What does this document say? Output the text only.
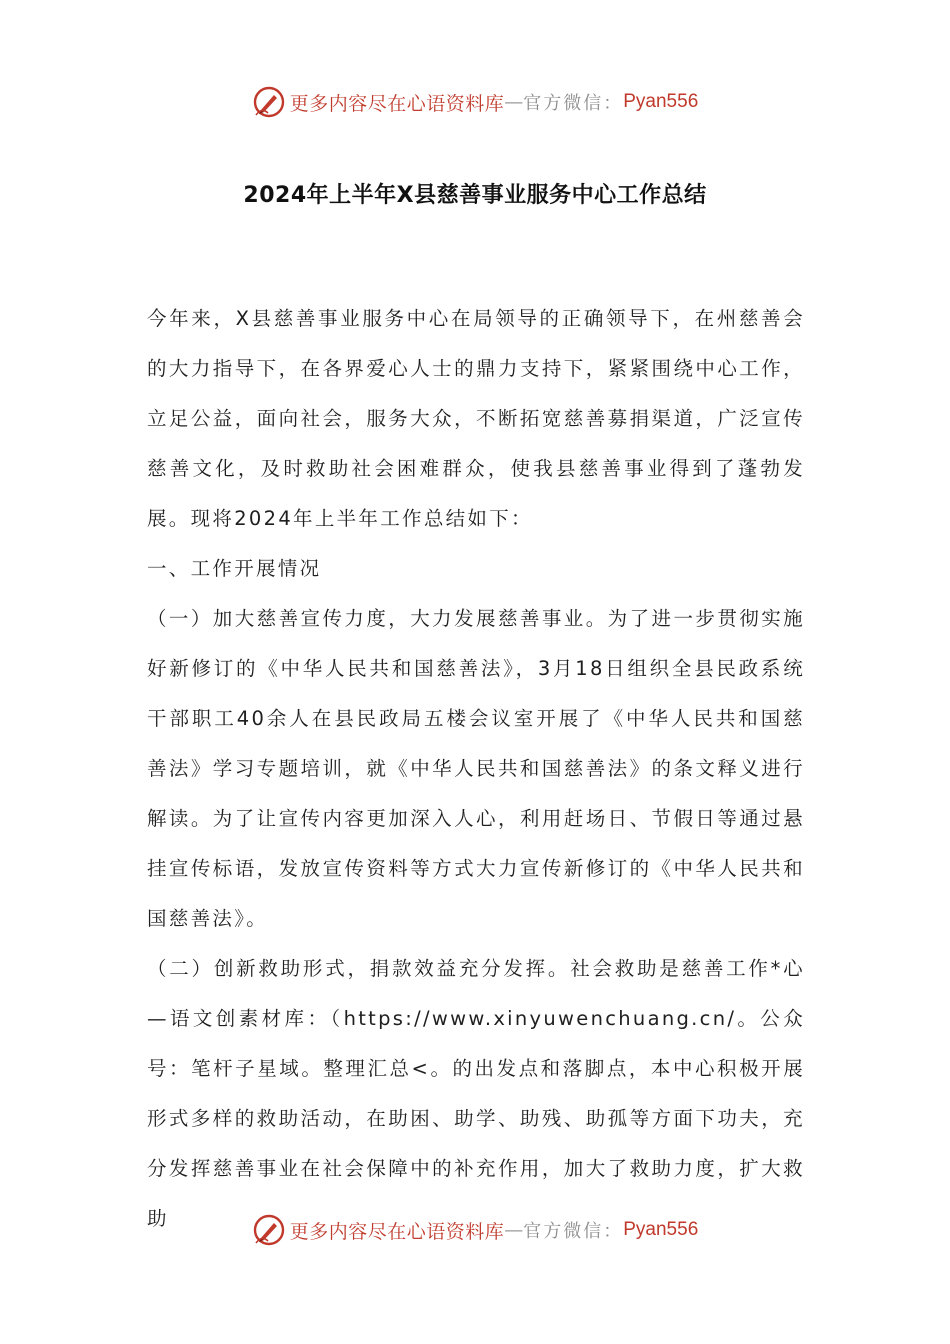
更多内容尽在心语资料库 — 官方微信： Pyan556
2024年上半年X县慈善事业服务中心工作总结

今年来，X县慈善事业服务中心在局领导的正确领导下，在州慈善会的大力指导下，在各界爱心人士的鼎力支持下，紧紧围绕中心工作，立足公益，面向社会，服务大众，不断拓宽慈善募捐渠道，广泛宣传慈善文化，及时救助社会困难群众，使我县慈善事业得到了蓬勃发展。现将2024年上半年工作总结如下：

一、工作开展情况

（一）加大慈善宣传力度，大力发展慈善事业。为了进一步贯彻实施好新修订的《中华人民共和国慈善法》，3月18日组织全县民政系统干部职工40余人在县民政局五楼会议室开展了《中华人民共和国慈善法》学习专题培训，就《中华人民共和国慈善法》的条文释义进行解读。为了让宣传内容更加深入人心，利用赶场日、节假日等通过悬挂宣传标语，发放宣传资料等方式大力宣传新修订的《中华人民共和国慈善法》。

（二）创新救助形式，捐款效益充分发挥。社会救助是慈善工作*心—语文创素材库：（https://www.xinyuwenchuang.cn/。公众号：笔杆子星域。整理汇总<。的出发点和落脚点，本中心积极开展形式多样的救助活动，在助困、助学、助残、助孤等方面下功夫，充分发挥慈善事业在社会保障中的补充作用，加大了救助力度，扩大救助

更多内容尽在心语资料库 — 官方微信： Pyan556
